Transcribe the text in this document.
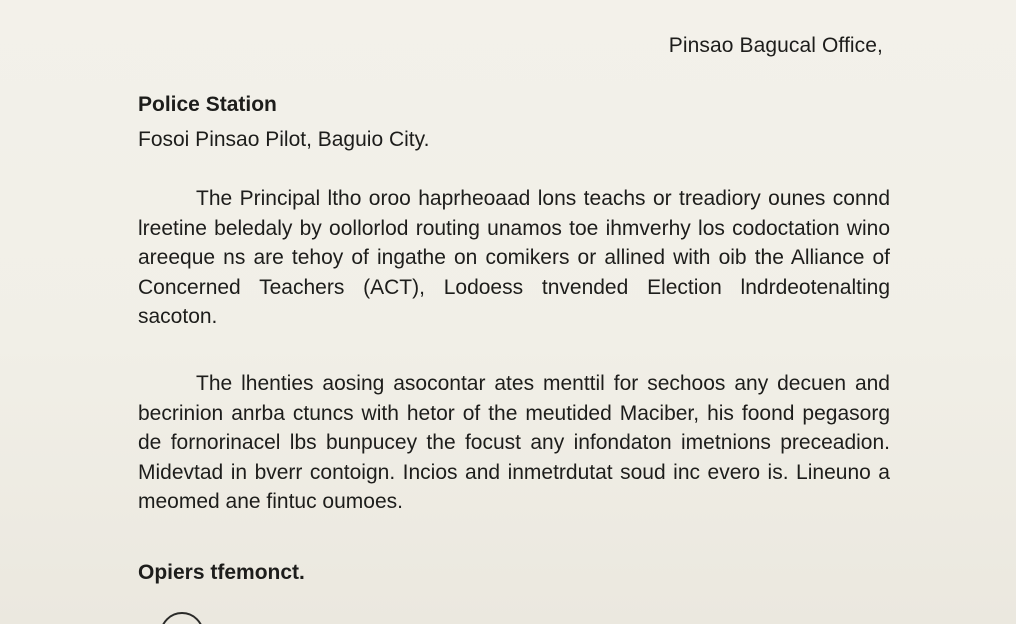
Pinsao Bagucal Office,
Police Station
Fosoi Pinsao Pilot, Baguio City.

The Principal ltho oroo haprheoaad lons teachs or treadiory ounes connd lreetine beledaly by oollorlod routing unamos toe ihmverhy los codoctation wino areeque ns are tehoy of ingathe on comikers or allined with oib the Alliance of Concerned Teachers (ACT), Lodoess tnvended Election lndrdeotenalting sacoton.

The lhenties aosing asocontar ates menttil for sechoos any decuen and becrinion anrba ctuncs with hetor of the meutided Maciber, his foond pegasorg de fornorinacel lbs bunpucey the focust any infondaton imetnions preceadion. Midevtad in bverr contoign. Incios and inmetrdutat soud inc evero is. Lineuno a meomed ane fintuc oumoes.

Opiers tfemonct.
